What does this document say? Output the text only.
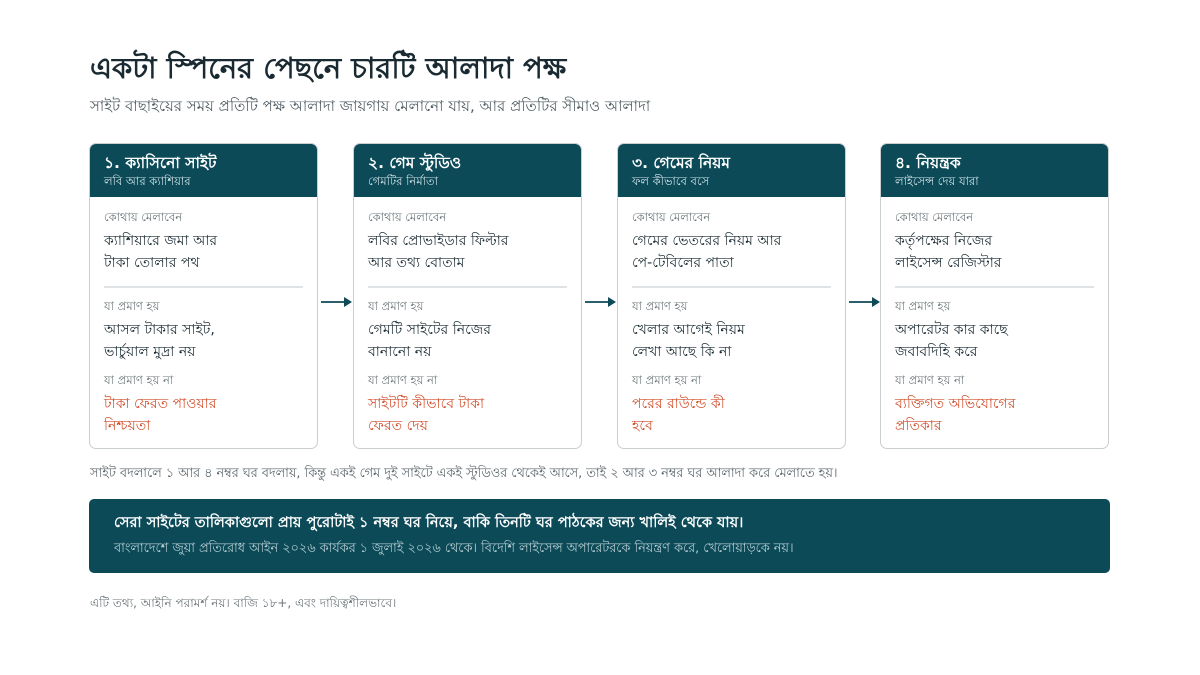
একটা স্পিনের পেছনে চারটি আলাদা পক্ষ
সাইট বাছাইয়ের সময় প্রতিটি পক্ষ আলাদা জায়গায় মেলানো যায়, আর প্রতিটির সীমাও আলাদা
১. ক্যাসিনো সাইট
লবি আর ক্যাশিয়ার
কোথায় মেলাবেন
ক্যাশিয়ারে জমা আর টাকা তোলার পথ
যা প্রমাণ হয়
আসল টাকার সাইট, ভার্চুয়াল মুদ্রা নয়
যা প্রমাণ হয় না
টাকা ফেরত পাওয়ার নিশ্চয়তা
২. গেম স্টুডিও
গেমটির নির্মাতা
কোথায় মেলাবেন
লবির প্রোভাইডার ফিল্টার আর তথ্য বোতাম
যা প্রমাণ হয়
গেমটি সাইটের নিজের বানানো নয়
যা প্রমাণ হয় না
সাইটটি কীভাবে টাকা ফেরত দেয়
৩. গেমের নিয়ম
ফল কীভাবে বসে
কোথায় মেলাবেন
গেমের ভেতরের নিয়ম আর পে-টেবিলের পাতা
যা প্রমাণ হয়
খেলার আগেই নিয়ম লেখা আছে কি না
যা প্রমাণ হয় না
পরের রাউন্ডে কী হবে
৪. নিয়ন্ত্রক
লাইসেন্স দেয় যারা
কোথায় মেলাবেন
কর্তৃপক্ষের নিজের লাইসেন্স রেজিস্টার
যা প্রমাণ হয়
অপারেটর কার কাছে জবাবদিহি করে
যা প্রমাণ হয় না
ব্যক্তিগত অভিযোগের প্রতিকার
সাইট বদলালে ১ আর ৪ নম্বর ঘর বদলায়, কিন্তু একই গেম দুই সাইটে একই স্টুডিওর থেকেই আসে, তাই ২ আর ৩ নম্বর ঘর আলাদা করে মেলাতে হয়।
সেরা সাইটের তালিকাগুলো প্রায় পুরোটাই ১ নম্বর ঘর নিয়ে, বাকি তিনটি ঘর পাঠকের জন্য খালিই থেকে যায়।
বাংলাদেশে জুয়া প্রতিরোধ আইন ২০২৬ কার্যকর ১ জুলাই ২০২৬ থেকে। বিদেশি লাইসেন্স অপারেটরকে নিয়ন্ত্রণ করে, খেলোয়াড়কে নয়।
এটি তথ্য, আইনি পরামর্শ নয়। বাজি ১৮+, এবং দায়িত্বশীলভাবে।
